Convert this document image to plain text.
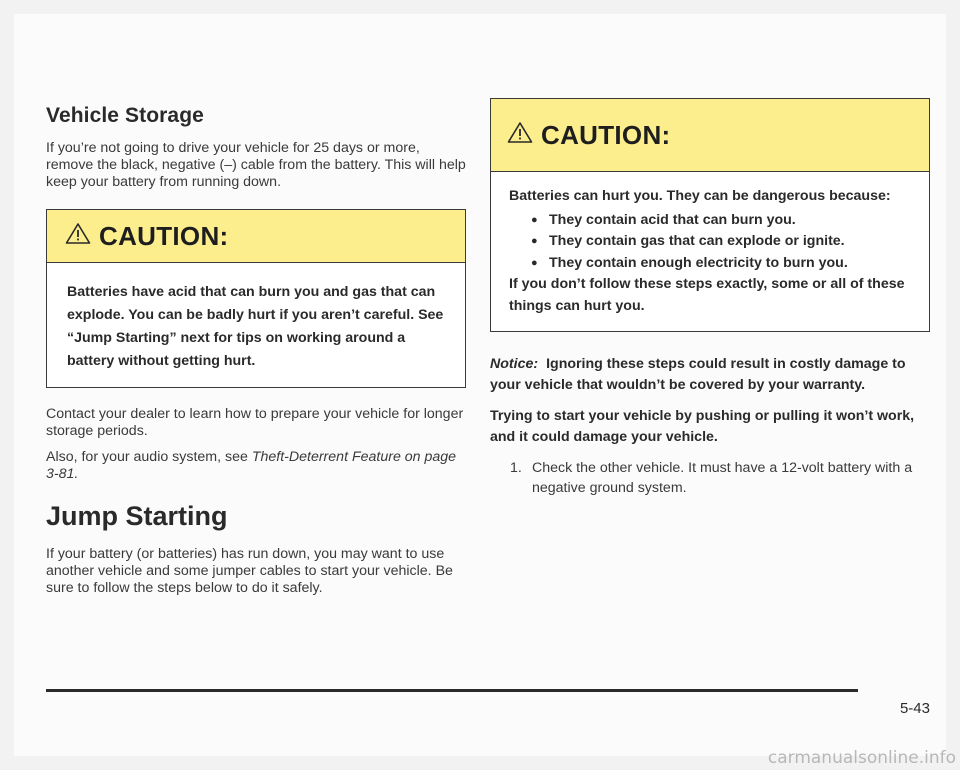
Vehicle Storage

If you’re not going to drive your vehicle for 25 days or more, remove the black, negative (–) cable from the battery. This will help keep your battery from running down.

CAUTION:
Batteries have acid that can burn you and gas that can explode. You can be badly hurt if you aren’t careful. See “Jump Starting” next for tips on working around a battery without getting hurt.

Contact your dealer to learn how to prepare your vehicle for longer storage periods.

Also, for your audio system, see Theft-Deterrent Feature on page 3-81.

Jump Starting

If your battery (or batteries) has run down, you may want to use another vehicle and some jumper cables to start your vehicle. Be sure to follow the steps below to do it safely.

CAUTION:
Batteries can hurt you. They can be dangerous because:
● They contain acid that can burn you.
● They contain gas that can explode or ignite.
● They contain enough electricity to burn you.
If you don’t follow these steps exactly, some or all of these things can hurt you.

Notice: Ignoring these steps could result in costly damage to your vehicle that wouldn’t be covered by your warranty.

Trying to start your vehicle by pushing or pulling it won’t work, and it could damage your vehicle.

1. Check the other vehicle. It must have a 12-volt battery with a negative ground system.
5-43
carmanualsonline.info
